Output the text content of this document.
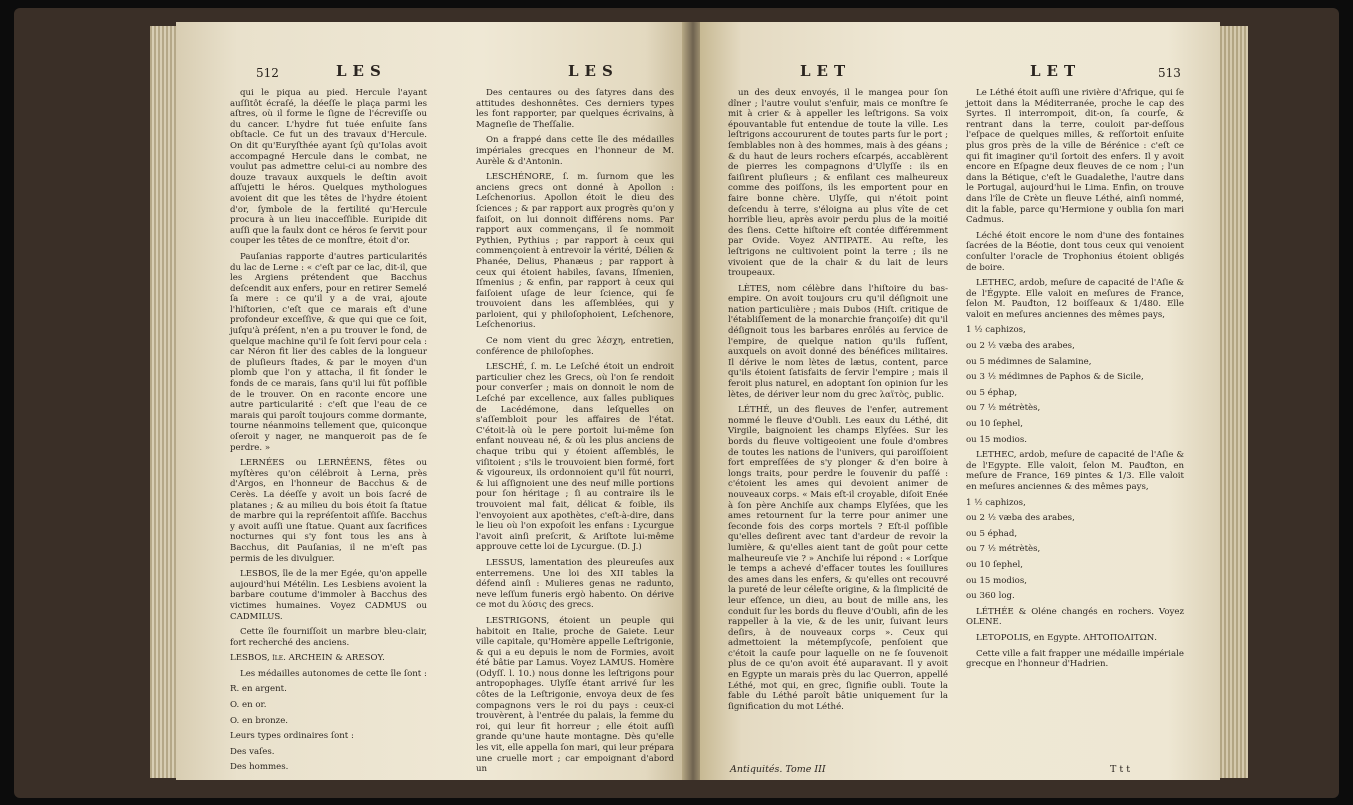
512	LES	LES

qui le piqua au pied. Hercule l'ayant auſſitôt écraſé, la déeſſe le plaça parmi les aſtres, où il forme le ſigne de l'écreviſſe ou du cancer. L'hydre fut tuée enſuite ſans obſtacle. Ce fut un des travaux d'Hercule. On dit qu'Euryſthée ayant ſçû qu'Iolas avoit accompagné Hercule dans le combat, ne voulut pas admettre celui-ci au nombre des douze travaux auxquels le deſtin avoit aſſujetti le héros. Quelques mythologues avoient dit que les têtes de l'hydre étoient d'or, ſymbole de la fertilité qu'Hercule procura à un lieu inacceſſible. Euripide dit auſſi que la faulx dont ce héros ſe ſervit pour couper les têtes de ce monſtre, étoit d'or.

Pauſanias rapporte d'autres particularités du lac de Lerne : « c'eſt par ce lac, dit-il, que les Argiens prétendent que Bacchus deſcendit aux enfers, pour en retirer Semelé ſa mere : ce qu'il y a de vrai, ajoute l'hiſtorien, c'eſt que ce marais eſt d'une profondeur exceſſive, & que qui que ce ſoit, juſqu'à préſent, n'en a pu trouver le fond, de quelque machine qu'il ſe ſoit ſervi pour cela : car Néron fit lier des cables de la longueur de pluſieurs ſtades, & par le moyen d'un plomb que l'on y attacha, il fit ſonder le fonds de ce marais, ſans qu'il lui fût poſſible de le trouver. On en raconte encore une autre particularité : c'eſt que l'eau de ce marais qui paroît toujours comme dormante, tourne néanmoins tellement que, quiconque oſeroit y nager, ne manqueroit pas de ſe perdre. »

LERNÉES ou LERNÉENS, fêtes ou myſtères qu'on célébroit à Lerna, près d'Argos, en l'honneur de Bacchus & de Cerès. La déeſſe y avoit un bois ſacré de platanes ; & au milieu du bois étoit ſa ſtatue de marbre qui la repréſentoit aſſiſe. Bacchus y avoit auſſi une ſtatue. Quant aux ſacrifices nocturnes qui s'y font tous les ans à Bacchus, dit Pauſanias, il ne m'eſt pas permis de les divulguer.

LESBOS, île de la mer Egée, qu'on appelle aujourd'hui Métélin. Les Lesbiens avoient la barbare coutume d'immoler à Bacchus des victimes humaines. Voyez CADMUS ou CADMILUS.

Cette île fourniſſoit un marbre bleu-clair, fort recherché des anciens.

LESBOS, île. ARCHEIN & ARESOY.

Les médailles autonomes de cette île ſont :

R. en argent.

O. en or.

O. en bronze.

Leurs types ordinaires ſont :

Des vaſes.

Des hommes.

Des centaures ou des ſatyres dans des attitudes deshonnêtes. Ces derniers types les font rapporter, par quelques écrivains, à Magneſie de Theſſalie.

On a frappé dans cette île des médailles impériales grecques en l'honneur de M. Aurèle & d'Antonin.

LESCHÉNORE, ſ. m. ſurnom que les anciens grecs ont donné à Apollon : Leſchenorius. Apollon étoit le dieu des ſciences ; & par rapport aux progrès qu'on y faiſoit, on lui donnoit différens noms. Par rapport aux commençans, il ſe nommoit Pythien, Pythius ; par rapport à ceux qui commençoient à entrevoir la vérité, Délien & Phanée, Delius, Phanæus ; par rapport à ceux qui étoient habiles, ſavans, Iſmenien, Iſmenius ; & enfin, par rapport à ceux qui faiſoient uſage de leur ſcience, qui ſe trouvoient dans les aſſemblées, qui y parloient, qui y philoſophoient, Leſchenore, Leſchenorius.

Ce nom vient du grec λέσχη, entretien, conférence de philoſophes.

LESCHÉ, ſ. m. Le Leſché étoit un endroit particulier chez les Grecs, où l'on ſe rendoit pour converſer ; mais on donnoit le nom de Leſché par excellence, aux ſalles publiques de Lacédémone, dans leſquelles on s'aſſembloit pour les affaires de l'état. C'étoit-là où le pere portoit lui-même ſon enfant nouveau né, & où les plus anciens de chaque tribu qui y étoient aſſemblés, le viſitoient ; s'ils le trouvoient bien formé, fort & vigoureux, ils ordonnoient qu'il fût nourri, & lui aſſignoient une des neuf mille portions pour ſon héritage ; ſi au contraire ils le trouvoient mal fait, délicat & foible, ils l'envoyoient aux apothètes, c'eſt-à-dire, dans le lieu où l'on expoſoit les enfans : Lycurgue l'avoit ainſi preſcrit, & Ariſtote lui-même approuve cette loi de Lycurgue. (D. J.)

LESSUS, lamentation des pleureuſes aux enterremens. Une loi des XII tables la défend ainſi : Mulieres genas ne radunto, neve leſſum funeris ergò habento. On dérive ce mot du λύσις des grecs.

LESTRIGONS, étoient un peuple qui habitoit en Italie, proche de Gaiete. Leur ville capitale, qu'Homère appelle Leſtrigonie, & qui a eu depuis le nom de Formies, avoit été bâtie par Lamus. Voyez LAMUS. Homère (Odyſſ. l. 10.) nous donne les leſtrigons pour antropophages. Ulyſſe étant arrivé ſur les côtes de la Leſtrigonie, envoya deux de ſes compagnons vers le roi du pays : ceux-ci trouvèrent, à l'entrée du palais, la femme du roi, qui leur fit horreur ; elle étoit auſſi grande qu'une haute montagne. Dès qu'elle les vit, elle appella ſon mari, qui leur prépara une cruelle mort ; car empoignant d'abord un

LET	LET	513

un des deux envoyés, il le mangea pour ſon dîner ; l'autre voulut s'enfuir, mais ce monſtre ſe mit à crier & à appeller les leſtrigons. Sa voix épouvantable fut entendue de toute la ville. Les leſtrigons accoururent de toutes parts ſur le port ; ſemblables non à des hommes, mais à des géans ; & du haut de leurs rochers eſcarpés, accablèrent de pierres les compagnons d'Ulyſſe : ils en faiſirent pluſieurs ; & enfilant ces malheureux comme des poiſſons, ils les emportent pour en faire bonne chère. Ulyſſe, qui n'étoit point deſcendu à terre, s'éloigna au plus vîte de cet horrible lieu, après avoir perdu plus de la moitié des ſiens. Cette hiſtoire eſt contée différemment par Ovide. Voyez ANTIPATE. Au reſte, les leſtrigons ne cultivoient point la terre ; ils ne vivoient que de la chair & du lait de leurs troupeaux.

LÈTES, nom célèbre dans l'hiſtoire du bas-empire. On avoit toujours cru qu'il déſignoit une nation particulière ; mais Dubos (Hiſt. critique de l'établiſſement de la monarchie françoiſe) dit qu'il déſignoit tous les barbares enrôlés au ſervice de l'empire, de quelque nation qu'ils fuſſent, auxquels on avoit donné des bénéfices militaires. Il dérive le nom lètes de lætus, content, parce qu'ils étoient ſatisfaits de ſervir l'empire ; mais il feroit plus naturel, en adoptant ſon opinion ſur les lètes, de dériver leur nom du grec λαϊτὸς, public.

LÉTHÉ, un des fleuves de l'enfer, autrement nommé le fleuve d'Oubli. Les eaux du Léthé, dit Virgile, baignoient les champs Elyſées. Sur les bords du fleuve voltigeoient une foule d'ombres de toutes les nations de l'univers, qui paroiſſoient fort empreſſées de s'y plonger & d'en boire à longs traits, pour perdre le ſouvenir du paſſé : c'étoient les ames qui devoient animer de nouveaux corps. « Mais eſt-il croyable, diſoit Enée à ſon père Anchiſe aux champs Elyſées, que les ames retournent ſur la terre pour animer une ſeconde fois des corps mortels ? Eſt-il poſſible qu'elles deſirent avec tant d'ardeur de revoir la lumière, & qu'elles aient tant de goût pour cette malheureuſe vie ? » Anchiſe lui répond : « Lorſque le temps a achevé d'effacer toutes les ſouillures des ames dans les enfers, & qu'elles ont recouvré la pureté de leur céleſte origine, & la ſimplicité de leur eſſence, un dieu, au bout de mille ans, les conduit ſur les bords du fleuve d'Oubli, afin de les rappeller à la vie, & de les unir, ſuivant leurs deſirs, à de nouveaux corps ». Ceux qui admettoient la métempſycoſe, penſoient que c'étoit la cauſe pour laquelle on ne ſe ſouvenoit plus de ce qu'on avoit été auparavant. Il y avoit en Egypte un marais près du lac Querron, appellé Léthé, mot qui, en grec, ſignifie oubli. Toute la fable du Léthé paroît bâtie uniquement ſur la ſignification du mot Léthé.

Le Léthé étoit auſſi une rivière d'Afrique, qui ſe jettoit dans la Méditerranée, proche le cap des Syrtes. Il interrompoit, dit-on, ſa courſe, & rentrant dans la terre, couloit par-deſſous l'eſpace de quelques milles, & reſſortoit enſuite plus gros près de la ville de Bérénice : c'eſt ce qui fit imaginer qu'il ſortoit des enfers. Il y avoit encore en Eſpagne deux fleuves de ce nom ; l'un dans la Bétique, c'eſt le Guadalethe, l'autre dans le Portugal, aujourd'hui le Lima. Enfin, on trouve dans l'île de Crète un fleuve Léthé, ainſi nommé, dit la fable, parce qu'Hermione y oublia ſon mari Cadmus.

Léché étoit encore le nom d'une des fontaines ſacrées de la Béotie, dont tous ceux qui venoient conſulter l'oracle de Trophonius étoient obligés de boire.

LETHEC, ardob, meſure de capacité de l'Aſie & de l'Égypte. Elle valoit en meſures de France, ſelon M. Pauđton, 12 boiſſeaux & 1/480. Elle valoit en meſures anciennes des mêmes pays,

1 ½ caphizos,

ou 2 ½ væba des arabes,

ou 5 médimnes de Salamine,

ou 3 ½ médimnes de Paphos & de Sicile,

ou 5 éphap,

ou 7 ½ métrètès,

ou 10 ſephel,

ou 15 modios.

LETHEC, ardob, meſure de capacité de l'Aſie & de l'Egypte. Elle valoit, ſelon M. Pauđton, en meſure de France, 169 pintes & 1/3. Elle valoit en meſures anciennes & des mêmes pays,

1 ½ caphizos,

ou 2 ½ væba des arabes,

ou 5 éphad,

ou 7 ½ métrètès,

ou 10 ſephel,

ou 15 modios,

ou 360 log.

LÉTHÉE & Oléne changés en rochers. Voyez OLENE.

LETOPOLIS, en Egypte. ΛΗΤΟΠΟΛΙΤΩΝ.

Cette ville a fait frapper une médaille impériale grecque en l'honneur d'Hadrien.

Antiquités. Tome III	T t t
